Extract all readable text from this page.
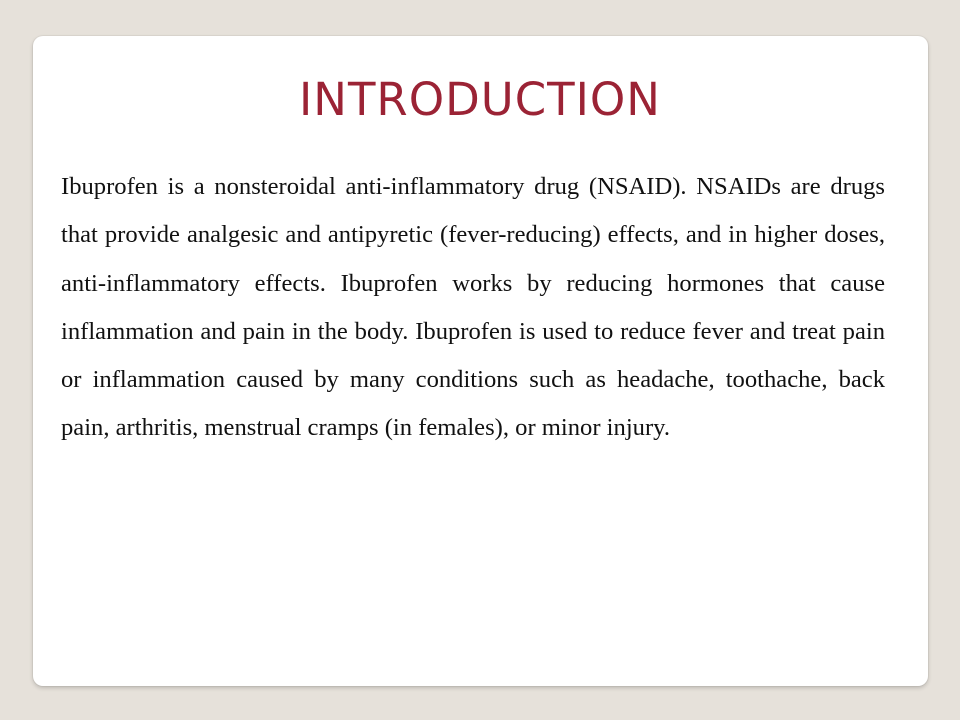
INTRODUCTION

Ibuprofen is a nonsteroidal anti-inflammatory drug (NSAID). NSAIDs are drugs that provide analgesic and antipyretic (fever-reducing) effects, and in higher doses, anti-inflammatory effects. Ibuprofen works by reducing hormones that cause inflammation and pain in the body. Ibuprofen is used to reduce fever and treat pain or inflammation caused by many conditions such as headache, toothache, back pain, arthritis, menstrual cramps (in females), or minor injury.
